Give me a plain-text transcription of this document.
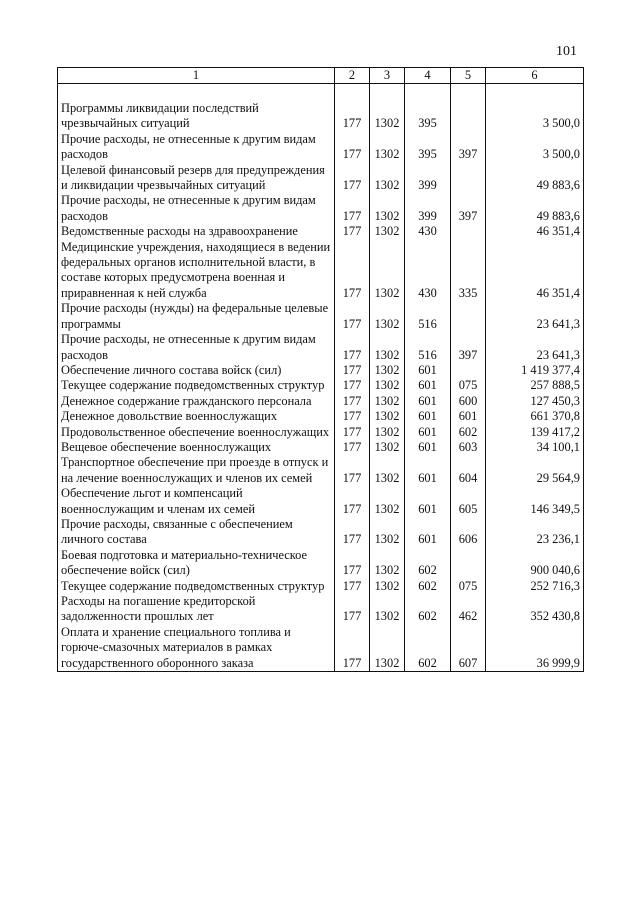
101
1	2	3	4	5	6

Программы ликвидации последствий чрезвычайных ситуаций	177	1302	395		3 500,0
Прочие расходы, не отнесенные к другим видам расходов	177	1302	395	397	3 500,0
Целевой финансовый резерв для предупреждения и ликвидации чрезвычайных ситуаций	177	1302	399		49 883,6
Прочие расходы, не отнесенные к другим видам расходов	177	1302	399	397	49 883,6
Ведомственные расходы на здравоохранение	177	1302	430		46 351,4
Медицинские учреждения, находящиеся в ведении федеральных органов исполнительной власти, в составе которых предусмотрена военная и приравненная к ней служба	177	1302	430	335	46 351,4
Прочие расходы (нужды) на федеральные целевые программы	177	1302	516		23 641,3
Прочие расходы, не отнесенные к другим видам расходов	177	1302	516	397	23 641,3
Обеспечение личного состава войск (сил)	177	1302	601		1 419 377,4
Текущее содержание подведомственных структур	177	1302	601	075	257 888,5
Денежное содержание гражданского персонала	177	1302	601	600	127 450,3
Денежное довольствие военнослужащих	177	1302	601	601	661 370,8
Продовольственное обеспечение военнослужащих	177	1302	601	602	139 417,2
Вещевое обеспечение военнослужащих	177	1302	601	603	34 100,1
Транспортное обеспечение при проезде в отпуск и на лечение военнослужащих и членов их семей	177	1302	601	604	29 564,9
Обеспечение льгот и компенсаций военнослужащим и членам их семей	177	1302	601	605	146 349,5
Прочие расходы, связанные с обеспечением личного состава	177	1302	601	606	23 236,1
Боевая подготовка и материально-техническое обеспечение войск (сил)	177	1302	602		900 040,6
Текущее содержание подведомственных структур	177	1302	602	075	252 716,3
Расходы на погашение кредиторской задолженности прошлых лет	177	1302	602	462	352 430,8
Оплата и хранение специального топлива и горюче-смазочных материалов в рамках государственного оборонного заказа	177	1302	602	607	36 999,9
